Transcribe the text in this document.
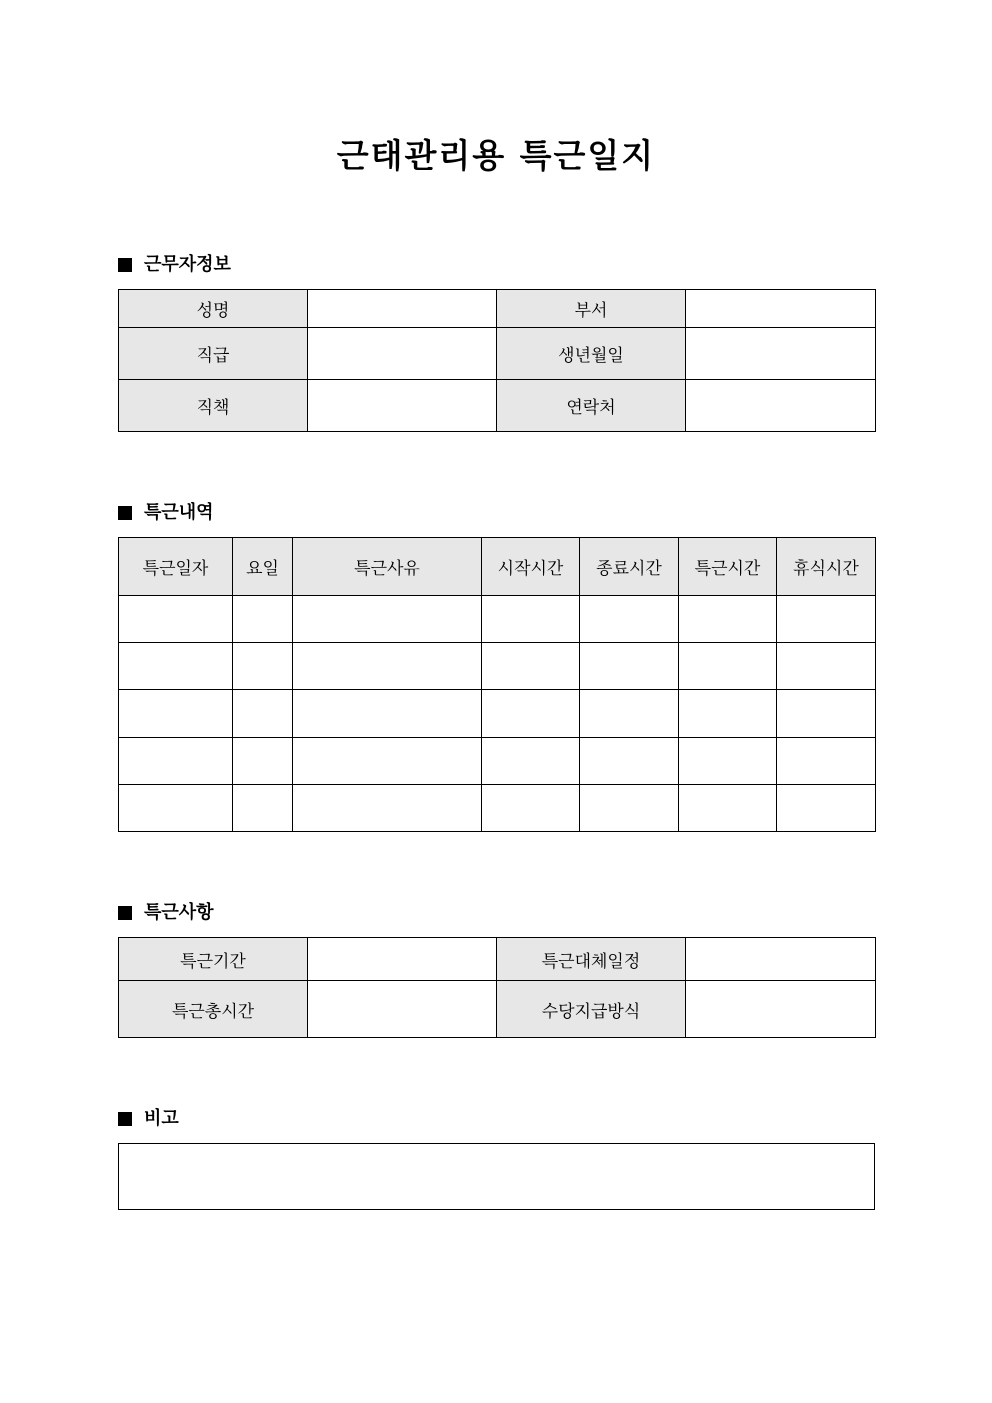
근태관리용 특근일지
근무자정보
성명		부서	
직급		생년월일	
직책		연락처	
특근내역
특근일자	요일	특근사유	시작시간	종료시간	특근시간	휴식시간

특근사항
특근기간		특근대체일정	
특근총시간		수당지급방식	
비고
